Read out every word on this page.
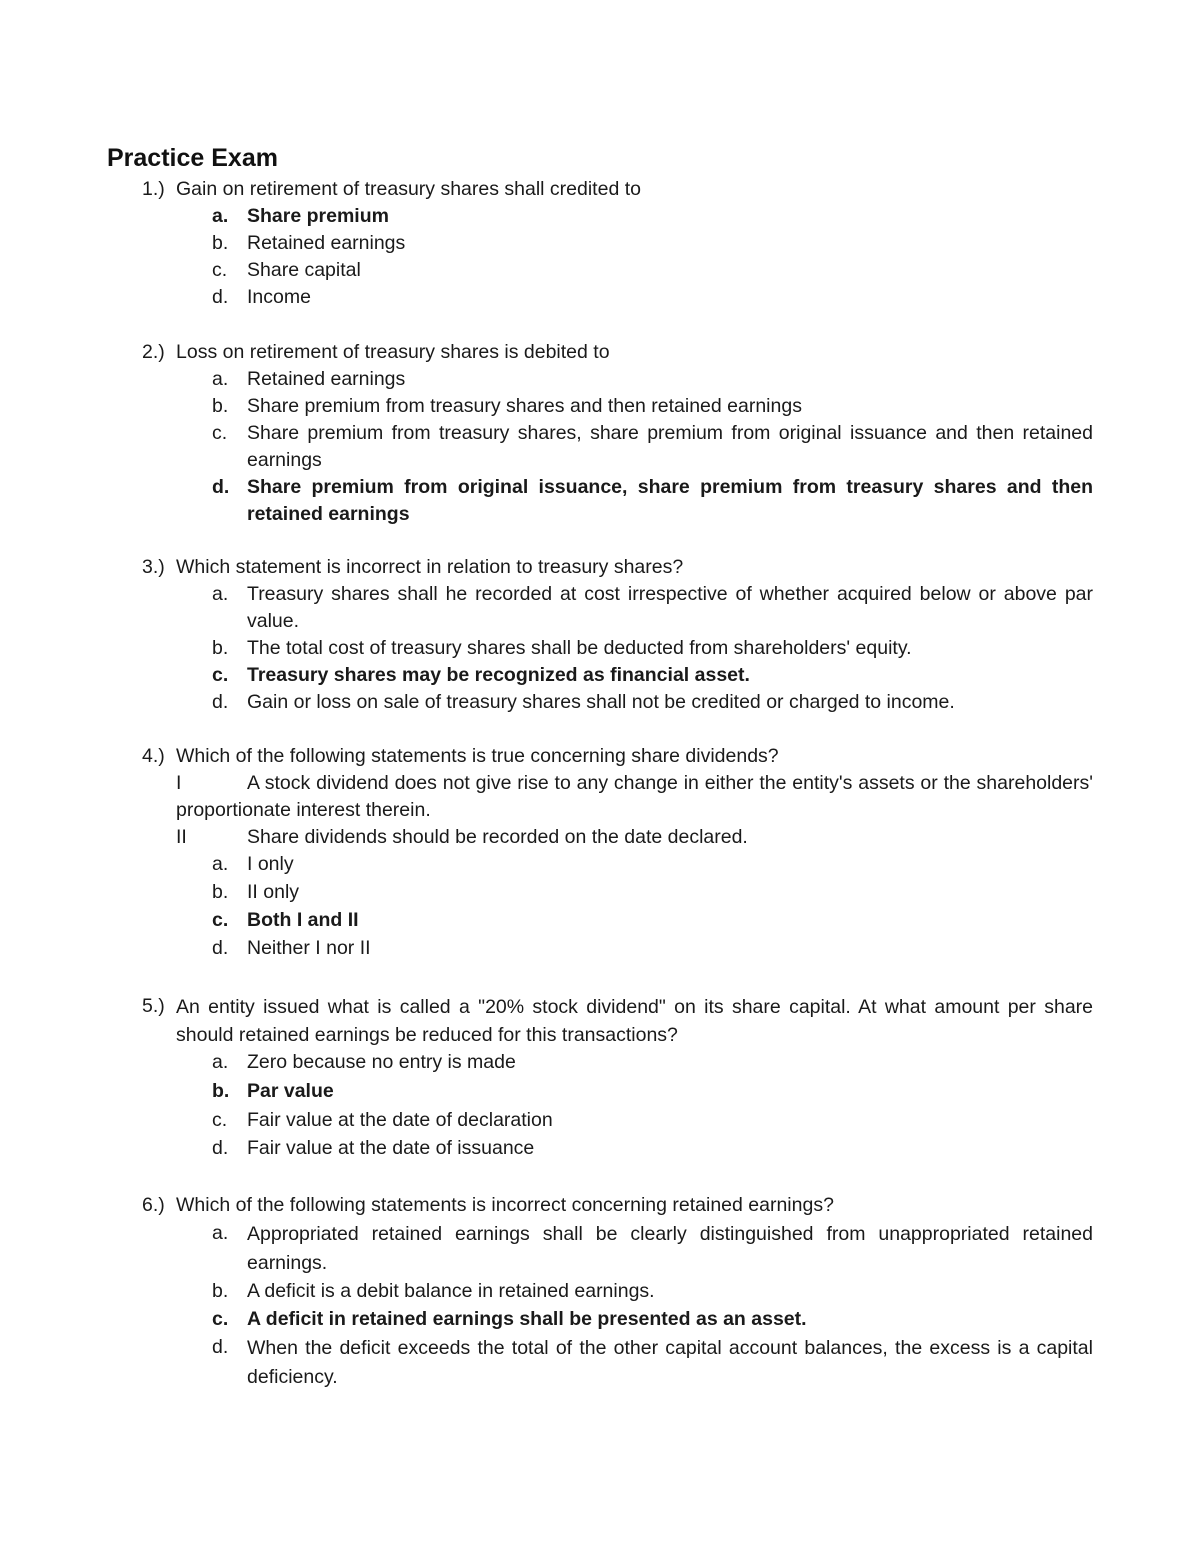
Practice Exam
1.) Gain on retirement of treasury shares shall credited to
a. Share premium
b. Retained earnings
c. Share capital
d. Income
2.) Loss on retirement of treasury shares is debited to
a. Retained earnings
b. Share premium from treasury shares and then retained earnings
c. Share premium from treasury shares, share premium from original issuance and then retained earnings
d. Share premium from original issuance, share premium from treasury shares and then retained earnings
3.) Which statement is incorrect in relation to treasury shares?
a. Treasury shares shall he recorded at cost irrespective of whether acquired below or above par value.
b. The total cost of treasury shares shall be deducted from shareholders' equity.
c. Treasury shares may be recognized as financial asset.
d. Gain or loss on sale of treasury shares shall not be credited or charged to income.
4.) Which of the following statements is true concerning share dividends?
I	A stock dividend does not give rise to any change in either the entity's assets or the shareholders' proportionate interest therein.
II	Share dividends should be recorded on the date declared.
a. I only
b. II only
c. Both I and II
d. Neither I nor II
5.) An entity issued what is called a "20% stock dividend" on its share capital. At what amount per share should retained earnings be reduced for this transactions?
a. Zero because no entry is made
b. Par value
c. Fair value at the date of declaration
d. Fair value at the date of issuance
6.) Which of the following statements is incorrect concerning retained earnings?
a. Appropriated retained earnings shall be clearly distinguished from unappropriated retained earnings.
b. A deficit is a debit balance in retained earnings.
c. A deficit in retained earnings shall be presented as an asset.
d. When the deficit exceeds the total of the other capital account balances, the excess is a capital deficiency.
